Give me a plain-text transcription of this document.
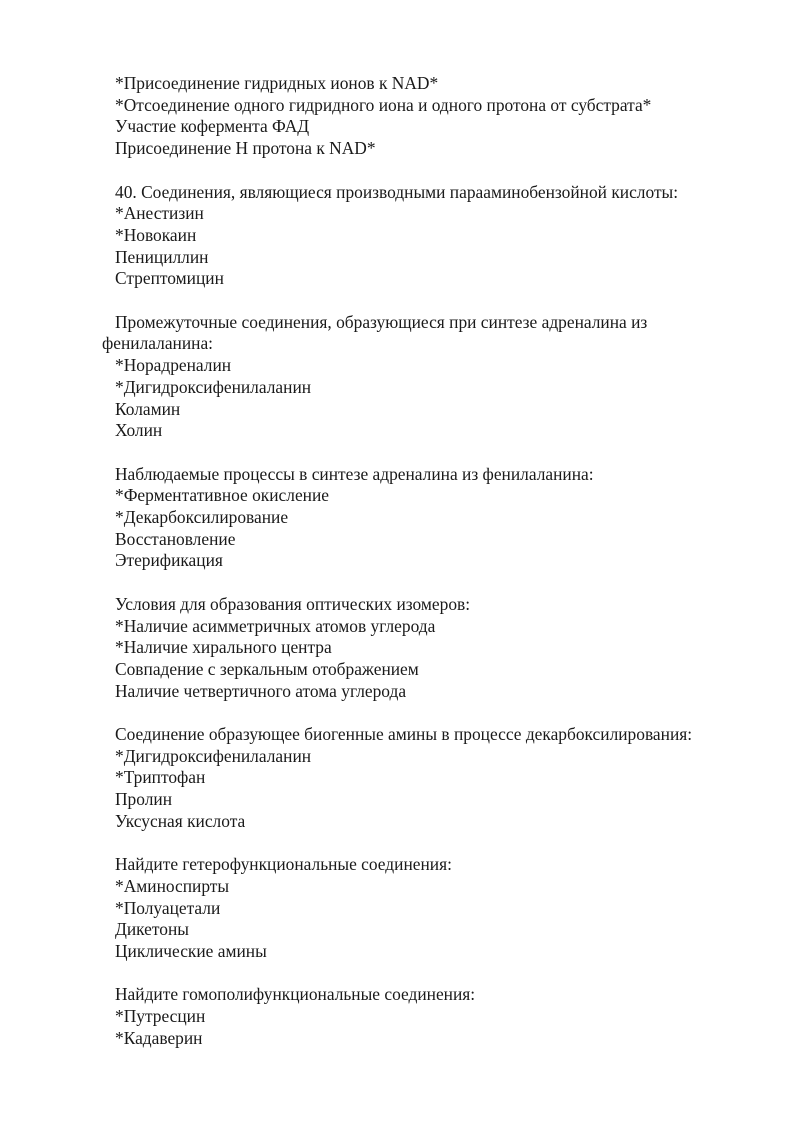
*Присоединение гидридных ионов к NAD*
*Отсоединение одного гидридного иона и одного протона от субстрата*
Участие кофермента ФАД
Присоединение Н протона к NAD*
40. Соединения, являющиеся производными парааминобензойной кислоты:
*Анестизин
*Новокаин
Пенициллин
Стрептомицин
Промежуточные соединения, образующиеся при синтезе адреналина из
фенилаланина:
*Норадреналин
*Дигидроксифенилаланин
Коламин
Холин
Наблюдаемые процессы в синтезе адреналина из фенилаланина:
*Ферментативное окисление
*Декарбоксилирование
Восстановление
Этерификация
Условия для образования оптических изомеров:
*Наличие асимметричных атомов углерода
*Наличие хирального центра
Совпадение с зеркальным отображением
Наличие четвертичного атома углерода
Соединение образующее биогенные амины в процессе декарбоксилирования:
*Дигидроксифенилаланин
*Триптофан
Пролин
Уксусная кислота
Найдите гетерофункциональные соединения:
*Аминоспирты
*Полуацетали
Дикетоны
Циклические амины
Найдите гомополифункциональные соединения:
*Путресцин
*Кадаверин
